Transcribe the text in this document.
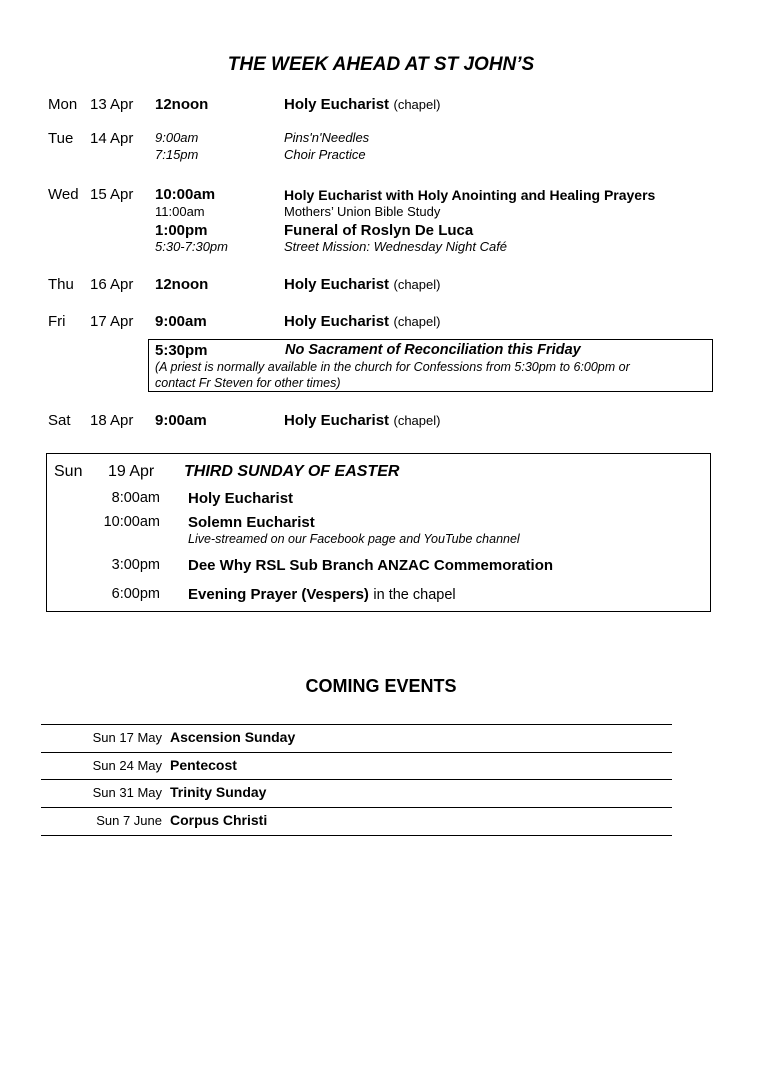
THE WEEK AHEAD AT ST JOHN’S
Mon 13 Apr 12noon	Holy Eucharist (chapel)
Tue 14 Apr 9:00am	Pins'n'Needles
7:15pm	Choir Practice
Wed 15 Apr 10:00am	Holy Eucharist with Holy Anointing and Healing Prayers
11:00am	Mothers’ Union Bible Study
1:00pm	Funeral of Roslyn De Luca
5:30-7:30pm	Street Mission: Wednesday Night Café
Thu 16 Apr 12noon	Holy Eucharist (chapel)
Fri 17 Apr 9:00am	Holy Eucharist (chapel)
5:30pm	No Sacrament of Reconciliation this Friday
(A priest is normally available in the church for Confessions from 5:30pm to 6:00pm or
contact Fr Steven for other times)
Sat 18 Apr 9:00am	Holy Eucharist (chapel)
Sun 19 Apr THIRD SUNDAY OF EASTER
8:00am Holy Eucharist
10:00am Solemn Eucharist
Live-streamed on our Facebook page and YouTube channel
3:00pm Dee Why RSL Sub Branch ANZAC Commemoration
6:00pm Evening Prayer (Vespers) in the chapel
COMING EVENTS
Sun 17 May Ascension Sunday
Sun 24 May Pentecost
Sun 31 May Trinity Sunday
Sun 7 June Corpus Christi
